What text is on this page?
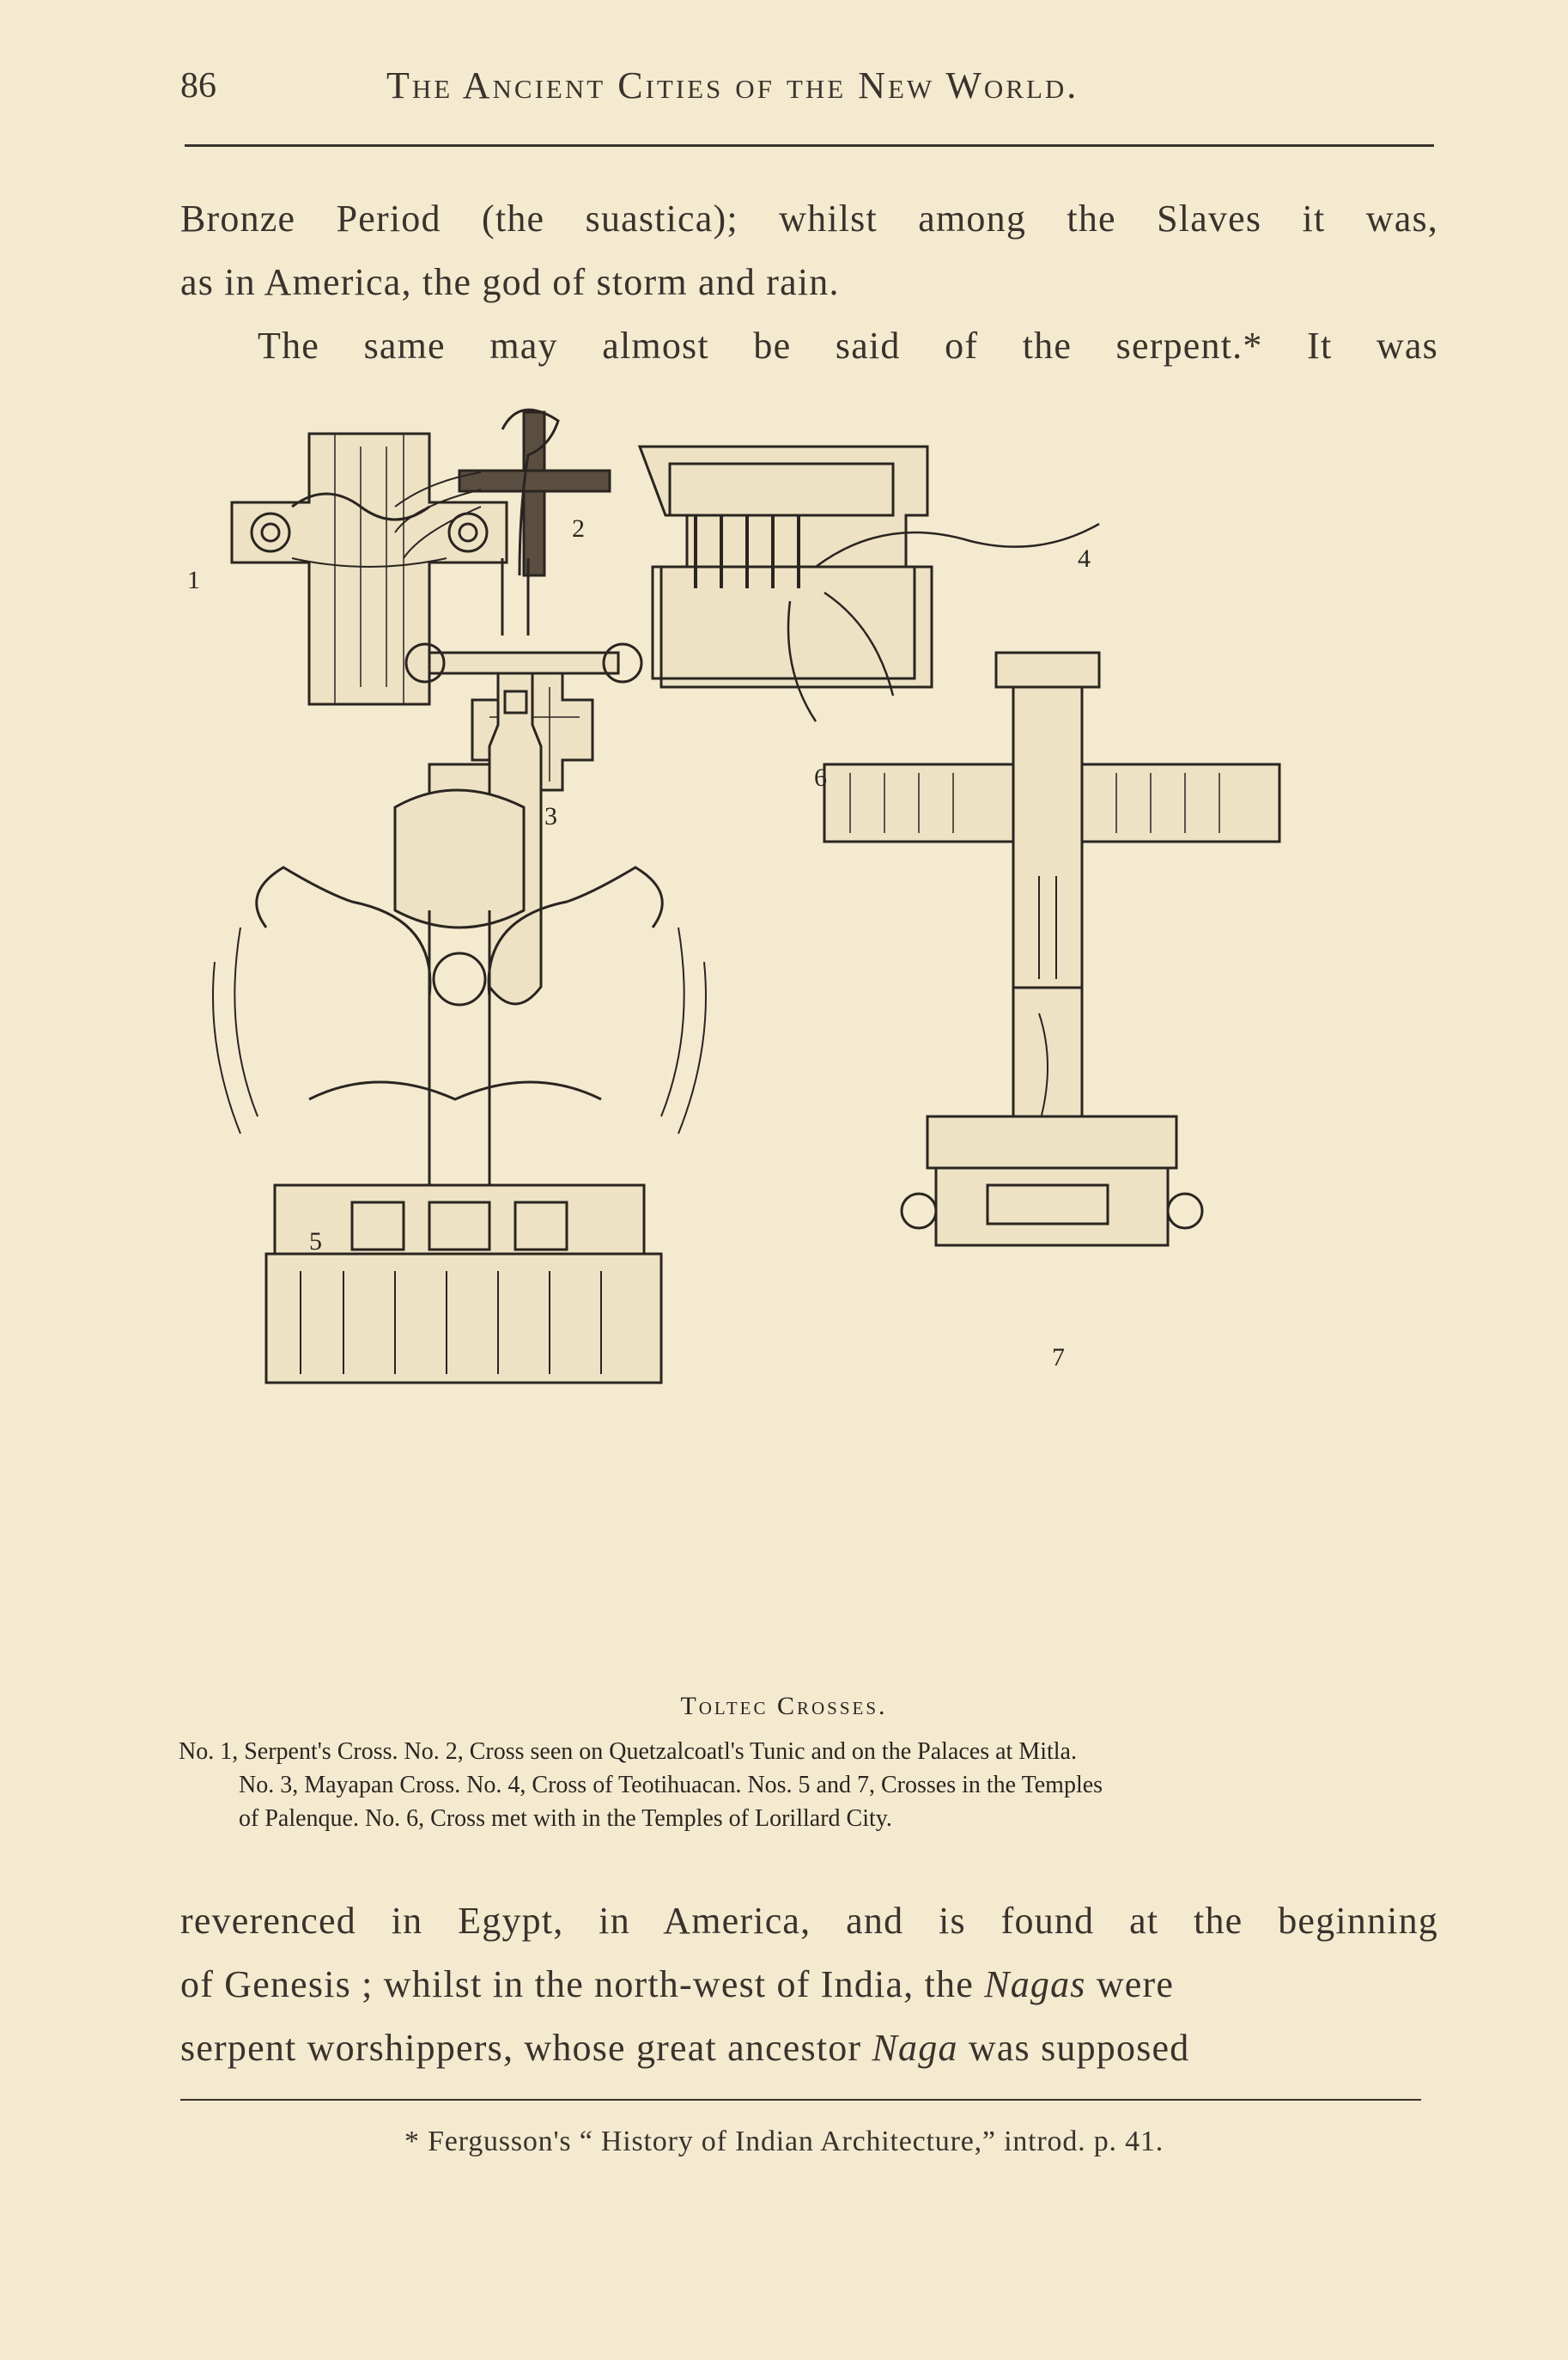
86	The Ancient Cities of the New World.
Bronze Period (the suastica); whilst among the Slaves it was,
as in America, the god of storm and rain.
The same may almost be said of the serpent.* It was
1
2
3
4
5
6
7
Toltec Crosses.
No. 1, Serpent's Cross. No. 2, Cross seen on Quetzalcoatl's Tunic and on the Palaces at Mitla.
No. 3, Mayapan Cross. No. 4, Cross of Teotihuacan. Nos. 5 and 7, Crosses in the Temples
of Palenque. No. 6, Cross met with in the Temples of Lorillard City.
reverenced in Egypt, in America, and is found at the beginning
of Genesis ; whilst in the north-west of India, the Nagas were
serpent worshippers, whose great ancestor Naga was supposed
* Fergusson's “ History of Indian Architecture,” introd. p. 41.
